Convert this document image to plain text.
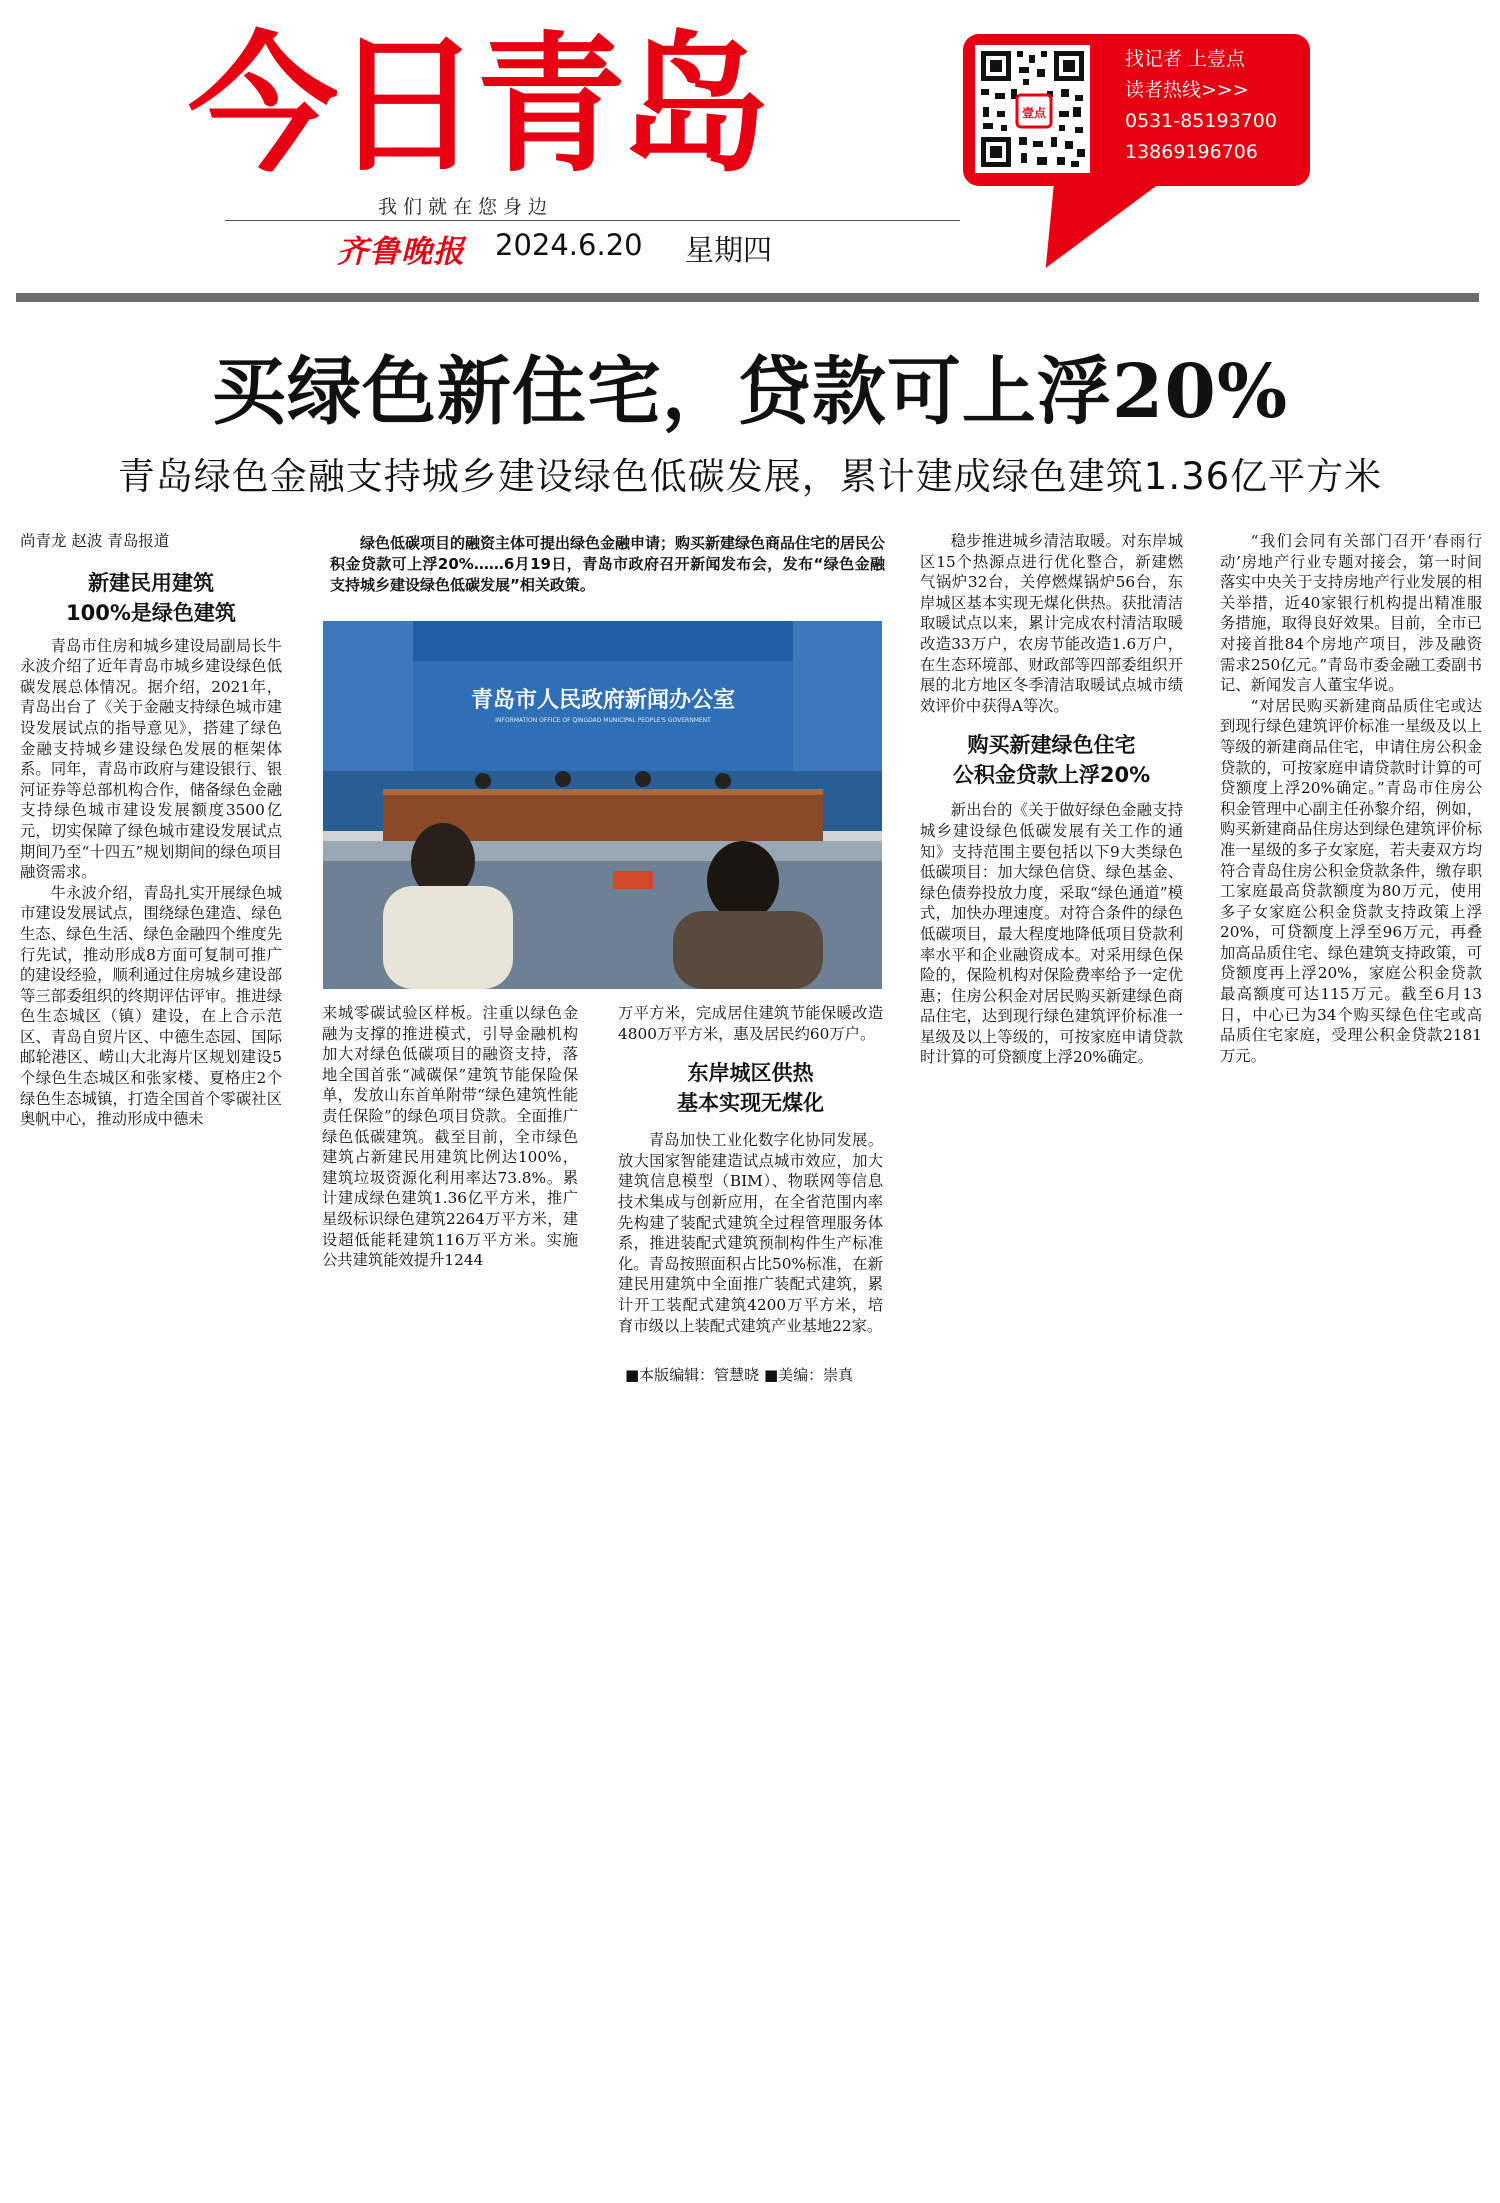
今日青岛
我们就在您身边
齐鲁晚报 2024.6.20 星期四
壹点
找记者 上壹点
读者热线>>>
0531-85193700
13869196706
买绿色新住宅，贷款可上浮20%
青岛绿色金融支持城乡建设绿色低碳发展，累计建成绿色建筑1.36亿平方米
尚青龙 赵波 青岛报道
新建民用建筑
100%是绿色建筑

青岛市住房和城乡建设局副局长牛永波介绍了近年青岛市城乡建设绿色低碳发展总体情况。据介绍，2021年，青岛出台了《关于金融支持绿色城市建设发展试点的指导意见》，搭建了绿色金融支持城乡建设绿色发展的框架体系。同年，青岛市政府与建设银行、银河证券等总部机构合作，储备绿色金融支持绿色城市建设发展额度3500亿元，切实保障了绿色城市建设发展试点期间乃至“十四五”规划期间的绿色项目融资需求。

牛永波介绍，青岛扎实开展绿色城市建设发展试点，围绕绿色建造、绿色生态、绿色生活、绿色金融四个维度先行先试，推动形成8方面可复制可推广的建设经验，顺利通过住房城乡建设部等三部委组织的终期评估评审。推进绿色生态城区（镇）建设，在上合示范区、青岛自贸片区、中德生态园、国际邮轮港区、崂山大北海片区规划建设5个绿色生态城区和张家楼、夏格庄2个绿色生态城镇，打造全国首个零碳社区奥帆中心，推动形成中德未

绿色低碳项目的融资主体可提出绿色金融申请；购买新建绿色商品住宅的居民公积金贷款可上浮20%……6月19日，青岛市政府召开新闻发布会，发布“绿色金融支持城乡建设绿色低碳发展”相关政策。

青岛市人民政府新闻办公室
INFORMATION OFFICE OF QINGDAO MUNICIPAL PEOPLE'S GOVERNMENT

来城零碳试验区样板。注重以绿色金融为支撑的推进模式，引导金融机构加大对绿色低碳项目的融资支持，落地全国首张“减碳保”建筑节能保险保单，发放山东首单附带“绿色建筑性能责任保险”的绿色项目贷款。全面推广绿色低碳建筑。截至目前，全市绿色建筑占新建民用建筑比例达100%，建筑垃圾资源化利用率达73.8%。累计建成绿色建筑1.36亿平方米，推广星级标识绿色建筑2264万平方米，建设超低能耗建筑116万平方米。实施公共建筑能效提升1244

万平方米，完成居住建筑节能保暖改造4800万平方米，惠及居民约60万户。

东岸城区供热
基本实现无煤化

青岛加快工业化数字化协同发展。放大国家智能建造试点城市效应，加大建筑信息模型（BIM）、物联网等信息技术集成与创新应用，在全省范围内率先构建了装配式建筑全过程管理服务体系，推进装配式建筑预制构件生产标准化。青岛按照面积占比50%标准，在新建民用建筑中全面推广装配式建筑，累计开工装配式建筑4200万平方米，培育市级以上装配式建筑产业基地22家。

稳步推进城乡清洁取暖。对东岸城区15个热源点进行优化整合，新建燃气锅炉32台，关停燃煤锅炉56台，东岸城区基本实现无煤化供热。获批清洁取暖试点以来，累计完成农村清洁取暖改造33万户，农房节能改造1.6万户，在生态环境部、财政部等四部委组织开展的北方地区冬季清洁取暖试点城市绩效评价中获得A等次。

购买新建绿色住宅
公积金贷款上浮20%

新出台的《关于做好绿色金融支持城乡建设绿色低碳发展有关工作的通知》支持范围主要包括以下9大类绿色低碳项目：加大绿色信贷、绿色基金、绿色债券投放力度，采取“绿色通道”模式，加快办理速度。对符合条件的绿色低碳项目，最大程度地降低项目贷款利率水平和企业融资成本。对采用绿色保险的，保险机构对保险费率给予一定优惠；住房公积金对居民购买新建绿色商品住宅，达到现行绿色建筑评价标准一星级及以上等级的，可按家庭申请贷款时计算的可贷额度上浮20%确定。

“我们会同有关部门召开‘春雨行动’房地产行业专题对接会，第一时间落实中央关于支持房地产行业发展的相关举措，近40家银行机构提出精准服务措施，取得良好效果。目前，全市已对接首批84个房地产项目，涉及融资需求250亿元。”青岛市委金融工委副书记、新闻发言人董宝华说。

“对居民购买新建商品质住宅或达到现行绿色建筑评价标准一星级及以上等级的新建商品住宅，申请住房公积金贷款的，可按家庭申请贷款时计算的可贷额度上浮20%确定。”青岛市住房公积金管理中心副主任孙黎介绍，例如，购买新建商品住房达到绿色建筑评价标准一星级的多子女家庭，若夫妻双方均符合青岛住房公积金贷款条件，缴存职工家庭最高贷款额度为80万元，使用多子女家庭公积金贷款支持政策上浮20%，可贷额度上浮至96万元，再叠加高品质住宅、绿色建筑支持政策，可贷额度再上浮20%，家庭公积金贷款最高额度可达115万元。截至6月13日，中心已为34个购买绿色住宅或高品质住宅家庭，受理公积金贷款2181万元。

■本版编辑：管慧晓 ■美编：崇真
